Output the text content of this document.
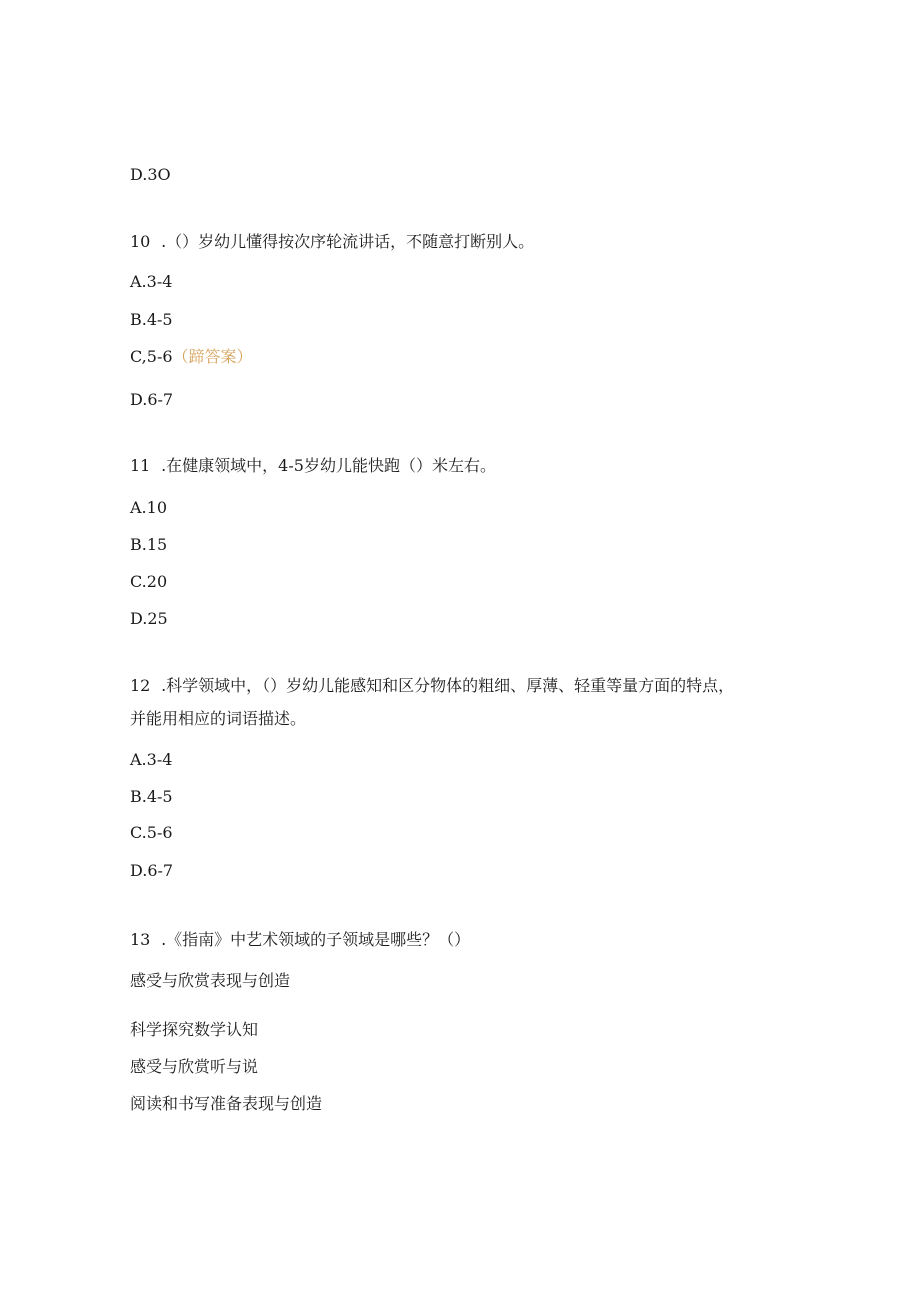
D.3O
10 .（）岁幼儿懂得按次序轮流讲话，不随意打断别人。
A.3-4
B.4-5
C,5-6（蹄答案）
D.6-7
11 .在健康领域中，4-5岁幼儿能快跑（）米左右。
A.10
B.15
C.20
D.25
12 .科学领域中，（）岁幼儿能感知和区分物体的粗细、厚薄、轻重等量方面的特点，
并能用相应的词语描述。
A.3-4
B.4-5
C.5-6
D.6-7
13 .《指南》中艺术领域的子领域是哪些？（）
感受与欣赏表现与创造
科学探究数学认知
感受与欣赏听与说
阅读和书写准备表现与创造
